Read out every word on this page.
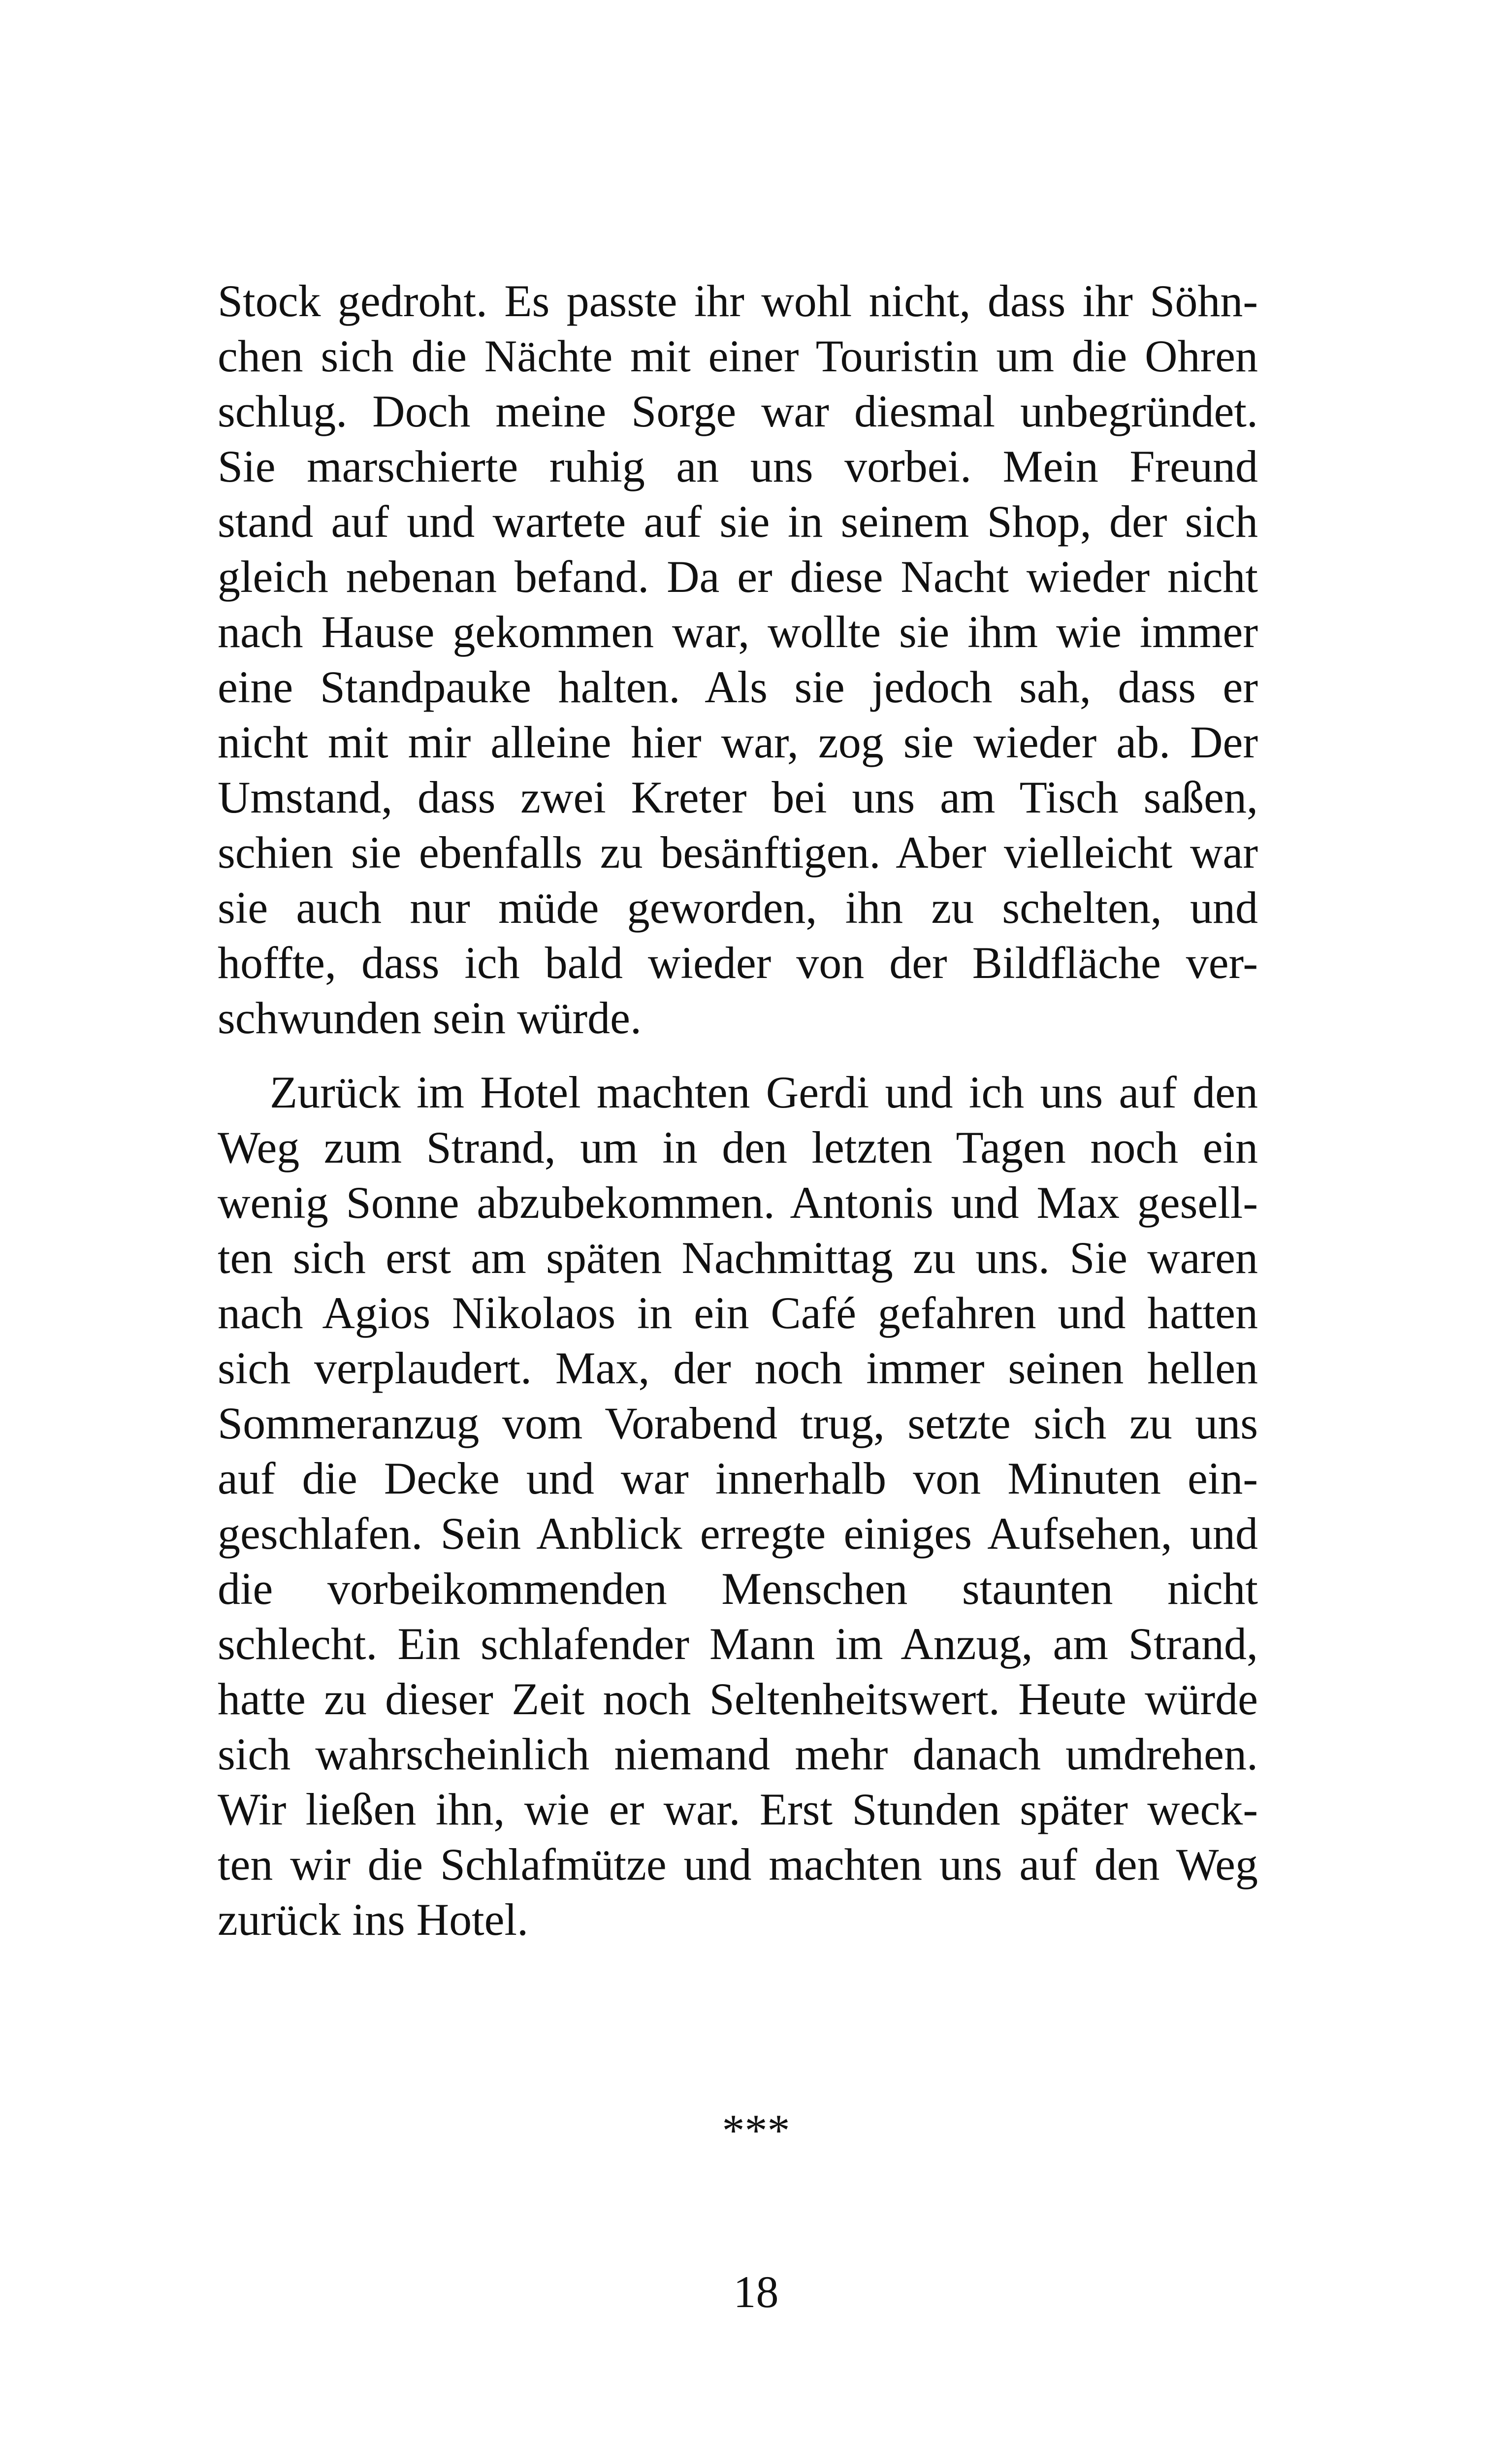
Stock gedroht. Es passte ihr wohl nicht, dass ihr Söhn-
chen sich die Nächte mit einer Touristin um die Ohren
schlug. Doch meine Sorge war diesmal unbegründet.
Sie marschierte ruhig an uns vorbei. Mein Freund
stand auf und wartete auf sie in seinem Shop, der sich
gleich nebenan befand. Da er diese Nacht wieder nicht
nach Hause gekommen war, wollte sie ihm wie immer
eine Standpauke halten. Als sie jedoch sah, dass er
nicht mit mir alleine hier war, zog sie wieder ab. Der
Umstand, dass zwei Kreter bei uns am Tisch saßen,
schien sie ebenfalls zu besänftigen. Aber vielleicht war
sie auch nur müde geworden, ihn zu schelten, und
hoffte, dass ich bald wieder von der Bildfläche ver-
schwunden sein würde.
Zurück im Hotel machten Gerdi und ich uns auf den
Weg zum Strand, um in den letzten Tagen noch ein
wenig Sonne abzubekommen. Antonis und Max gesell-
ten sich erst am späten Nachmittag zu uns. Sie waren
nach Agios Nikolaos in ein Café gefahren und hatten
sich verplaudert. Max, der noch immer seinen hellen
Sommeranzug vom Vorabend trug, setzte sich zu uns
auf die Decke und war innerhalb von Minuten ein-
geschlafen. Sein Anblick erregte einiges Aufsehen, und
die vorbeikommenden Menschen staunten nicht
schlecht. Ein schlafender Mann im Anzug, am Strand,
hatte zu dieser Zeit noch Seltenheitswert. Heute würde
sich wahrscheinlich niemand mehr danach umdrehen.
Wir ließen ihn, wie er war. Erst Stunden später weck-
ten wir die Schlafmütze und machten uns auf den Weg
zurück ins Hotel.
***
18
